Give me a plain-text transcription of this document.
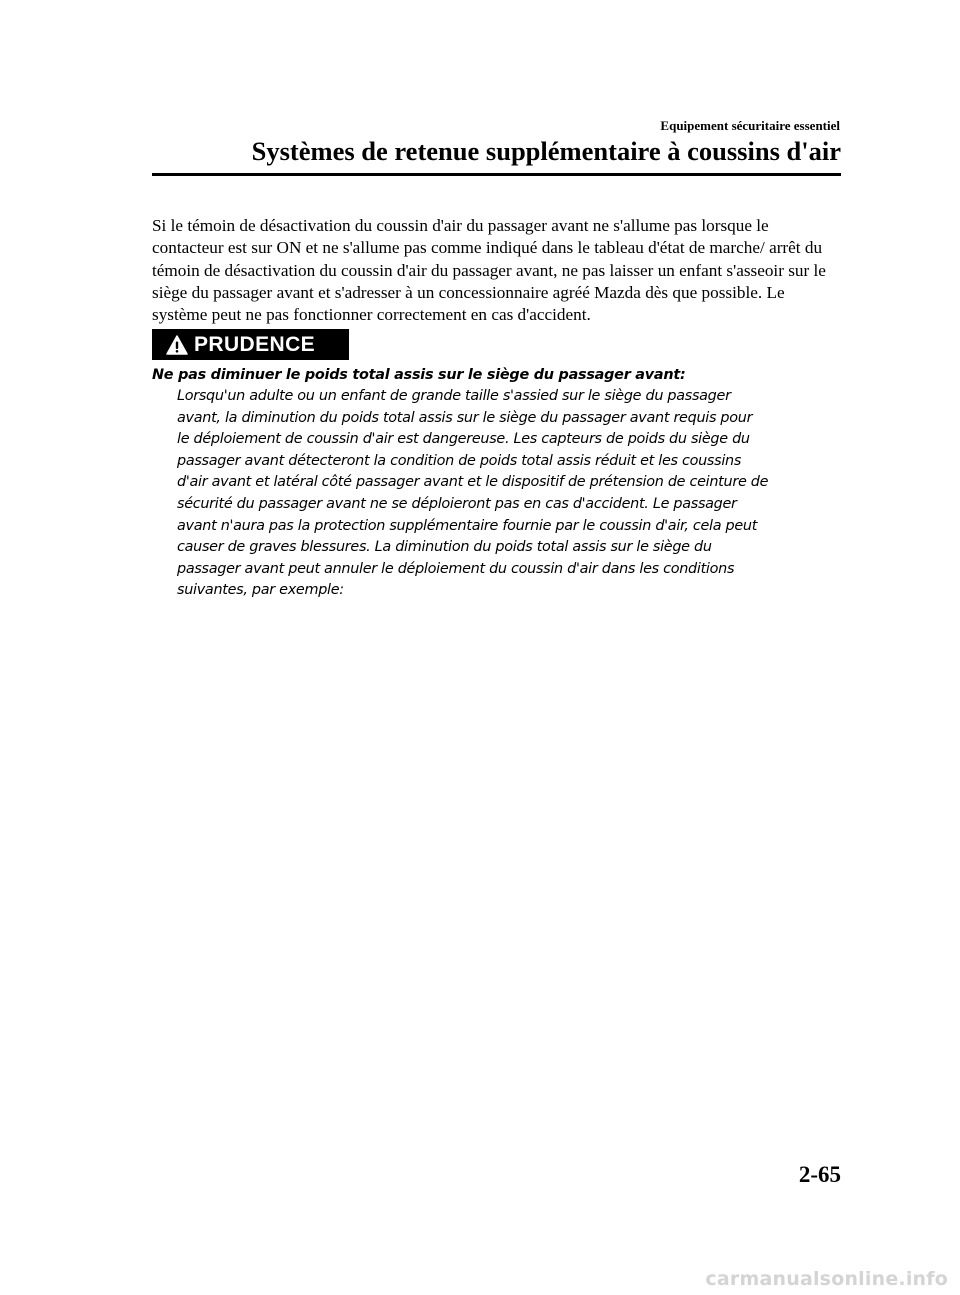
Equipement sécuritaire essentiel
Systèmes de retenue supplémentaire à coussins d'air

Si le témoin de désactivation du coussin d'air du passager avant ne s'allume pas lorsque le contacteur est sur ON et ne s'allume pas comme indiqué dans le tableau d'état de marche/ arrêt du témoin de désactivation du coussin d'air du passager avant, ne pas laisser un enfant s'asseoir sur le siège du passager avant et s'adresser à un concessionnaire agréé Mazda dès que possible. Le système peut ne pas fonctionner correctement en cas d'accident.

PRUDENCE
Ne pas diminuer le poids total assis sur le siège du passager avant:
Lorsqu'un adulte ou un enfant de grande taille s'assied sur le siège du passager
avant, la diminution du poids total assis sur le siège du passager avant requis pour
le déploiement de coussin d'air est dangereuse. Les capteurs de poids du siège du
passager avant détecteront la condition de poids total assis réduit et les coussins
d'air avant et latéral côté passager avant et le dispositif de prétension de ceinture de
sécurité du passager avant ne se déploieront pas en cas d'accident. Le passager
avant n'aura pas la protection supplémentaire fournie par le coussin d'air, cela peut
causer de graves blessures. La diminution du poids total assis sur le siège du
passager avant peut annuler le déploiement du coussin d'air dans les conditions
suivantes, par exemple:
2-65
carmanualsonline.info
